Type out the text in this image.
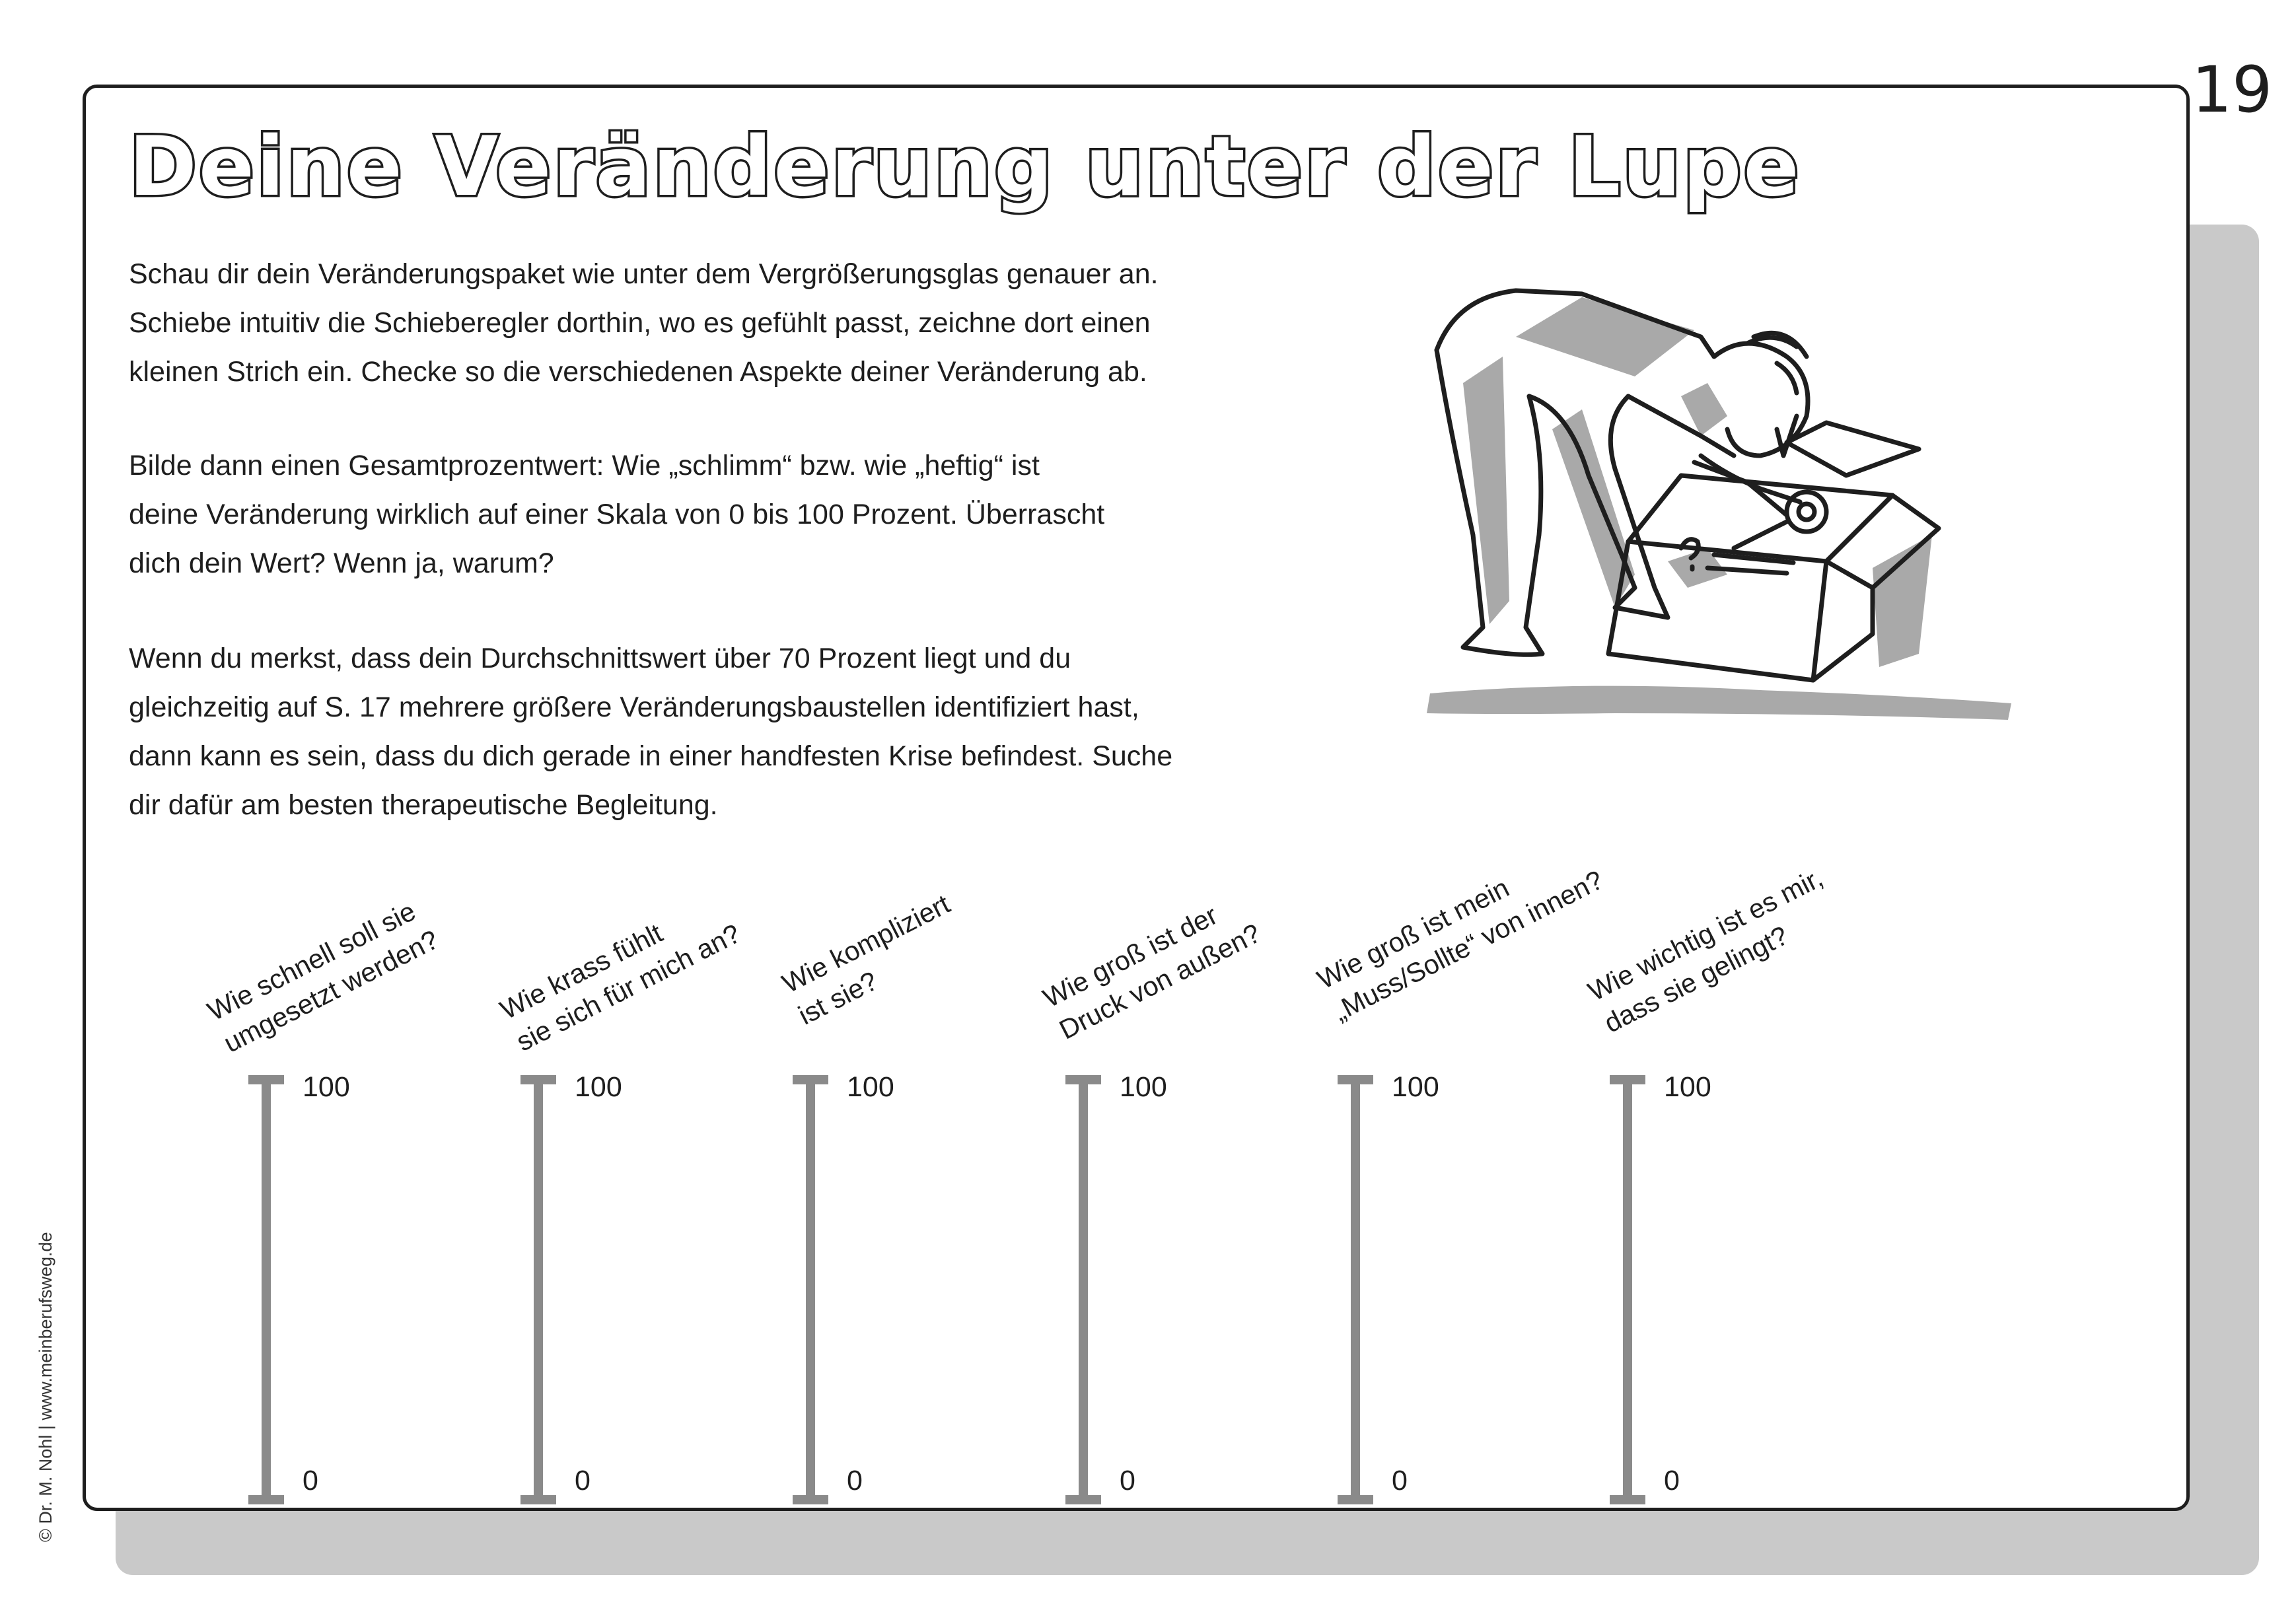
19
Deine Veränderung unter der Lupe

Schau dir dein Veränderungspaket wie unter dem Vergrößerungsglas genauer an.
Schiebe intuitiv die Schieberegler dorthin, wo es gefühlt passt, zeichne dort einen
kleinen Strich ein. Checke so die verschiedenen Aspekte deiner Veränderung ab.

Bilde dann einen Gesamtprozentwert: Wie „schlimm“ bzw. wie „heftig“ ist
deine Veränderung wirklich auf einer Skala von 0 bis 100 Prozent. Überrascht
dich dein Wert? Wenn ja, warum?

Wenn du merkst, dass dein Durchschnittswert über 70 Prozent liegt und du
gleichzeitig auf S. 17 mehrere größere Veränderungsbaustellen identifiziert hast,
dann kann es sein, dass du dich gerade in einer handfesten Krise befindest. Suche
dir dafür am besten therapeutische Begleitung.

Wie schnell soll sie
umgesetzt werden? Wie krass fühlt
sie sich für mich an? Wie kompliziert
ist sie?	Wie groß ist der
Druck von außen? Wie groß ist mein
„Muss/Sollte“ von innen?
Wie wichtig ist es mir,
dass sie gelingt?
100
0
100
0
100
0
100
0
100
0
100
0
© Dr. M. Nohl | www.meinberufsweg.de
